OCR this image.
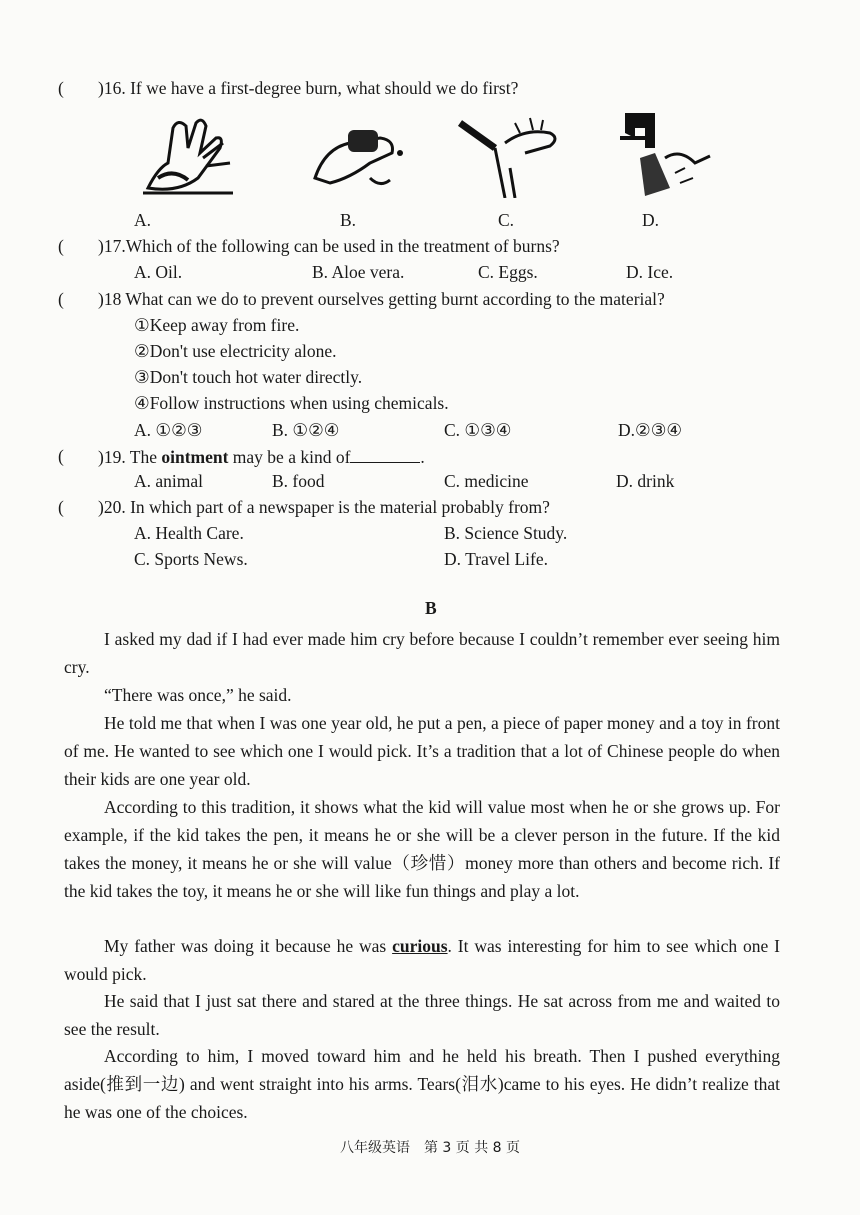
( )16. If we have a first-degree burn, what should we do first?
A.	B.	C.	D.
( )17.Which of the following can be used in the treatment of burns?
A. Oil.	B. Aloe vera.	C. Eggs.	D. Ice.
( )18 What can we do to prevent ourselves getting burnt according to the material?
①Keep away from fire.
②Don't use electricity alone.
③Don't touch hot water directly.
④Follow instructions when using chemicals.
A. ①②③	B. ①②④	C. ①③④	D.②③④
( )19. The ointment may be a kind of	.
A. animal	B. food	C. medicine	D. drink
( )20. In which part of a newspaper is the material probably from?
A. Health Care.	B. Science Study.
C. Sports News.	D. Travel Life.
B
I asked my dad if I had ever made him cry before because I couldn’t remember ever seeing him cry.
“There was once,” he said.
He told me that when I was one year old, he put a pen, a piece of paper money and a toy in front of me. He wanted to see which one I would pick. It’s a tradition that a lot of Chinese people do when their kids are one year old.
According to this tradition, it shows what the kid will value most when he or she grows up. For example, if the kid takes the pen, it means he or she will be a clever person in the future. If the kid takes the money, it means he or she will value（珍惜）money more than others and become rich. If the kid takes the toy, it means he or she will like fun things and play a lot.
My father was doing it because he was curious. It was interesting for him to see which one I would pick.
He said that I just sat there and stared at the three things. He sat across from me and waited to see the result.
According to him, I moved toward him and he held his breath. Then I pushed everything aside(推到一边) and went straight into his arms. Tears(泪水)came to his eyes. He didn’t realize that he was one of the choices.
八年级英语　第 3 页 共 8 页
